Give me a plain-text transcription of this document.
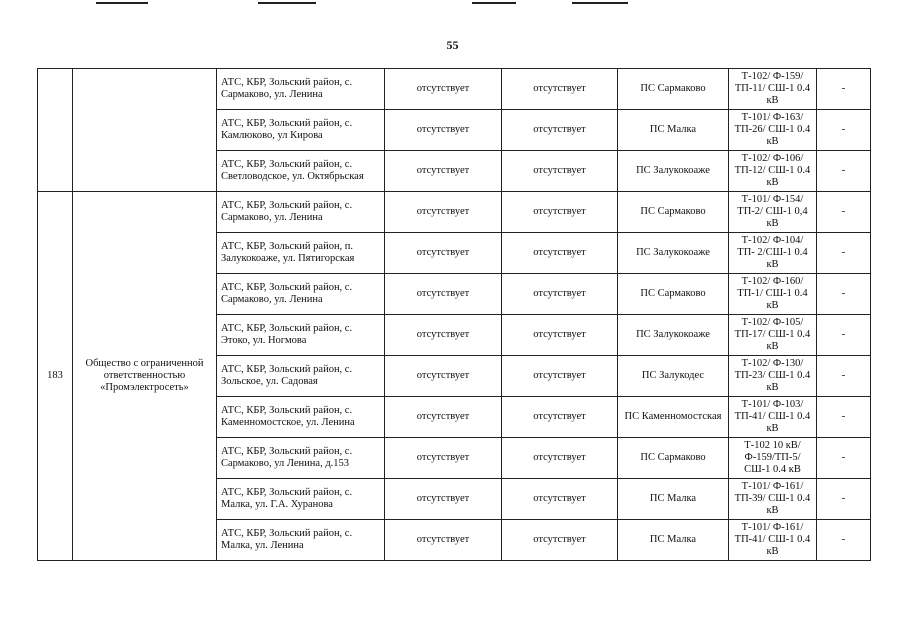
55
		АТС, КБР, Зольский район, с. Сармаково, ул. Ленина	отсутствует	отсутствует	ПС Сармаково	Т-102/ Ф-159/ТП-11/ СШ-1 0.4 кВ	-
		АТС, КБР, Зольский район, с. Камлюково, ул Кирова	отсутствует	отсутствует	ПС Малка	Т-101/ Ф-163/ТП-26/ СШ-1 0.4 кВ	-
		АТС, КБР, Зольский район, с. Светловодское, ул. Октябрьская	отсутствует	отсутствует	ПС Залукокоаже	Т-102/ Ф-106/ТП-12/ СШ-1 0.4 кВ	-
183	Общество с ограниченной ответственностью «Промэлектросеть»	АТС, КБР, Зольский район, с. Сармаково, ул. Ленина	отсутствует	отсутствует	ПС Сармаково	Т-101/ Ф-154/ТП-2/ СШ-1 0,4 кВ	-
		АТС, КБР, Зольский район, п. Залукокоаже, ул. Пятигорская	отсутствует	отсутствует	ПС Залукокоаже	Т-102/ Ф-104/ТП- 2/СШ-1 0.4 кВ	-
		АТС, КБР, Зольский район, с. Сармаково, ул. Ленина	отсутствует	отсутствует	ПС Сармаково	Т-102/ Ф-160/ТП-1/ СШ-1 0.4 кВ	-
		АТС, КБР, Зольский район, с. Этоко, ул. Ногмова	отсутствует	отсутствует	ПС Залукокоаже	Т-102/ Ф-105/ТП-17/ СШ-1 0.4 кВ	-
		АТС, КБР, Зольский район, с. Зольское, ул. Садовая	отсутствует	отсутствует	ПС Залукодес	Т-102/ Ф-130/ТП-23/ СШ-1 0.4 кВ	-
		АТС, КБР, Зольский район, с. Каменномостское, ул. Ленина	отсутствует	отсутствует	ПС Каменномостская	Т-101/ Ф-103/ТП-41/ СШ-1 0.4 кВ	-
		АТС, КБР, Зольский район, с. Сармаково, ул Ленина, д.153	отсутствует	отсутствует	ПС Сармаково	Т-102 10 кВ/ Ф-159/ТП-5/ СШ-1 0.4 кВ	-
		АТС, КБР, Зольский район, с. Малка, ул. Г.А. Хуранова	отсутствует	отсутствует	ПС Малка	Т-101/ Ф-161/ТП-39/ СШ-1 0.4 кВ	-
		АТС, КБР, Зольский район, с. Малка, ул. Ленина	отсутствует	отсутствует	ПС Малка	Т-101/ Ф-161/ТП-41/ СШ-1 0.4 кВ	-
